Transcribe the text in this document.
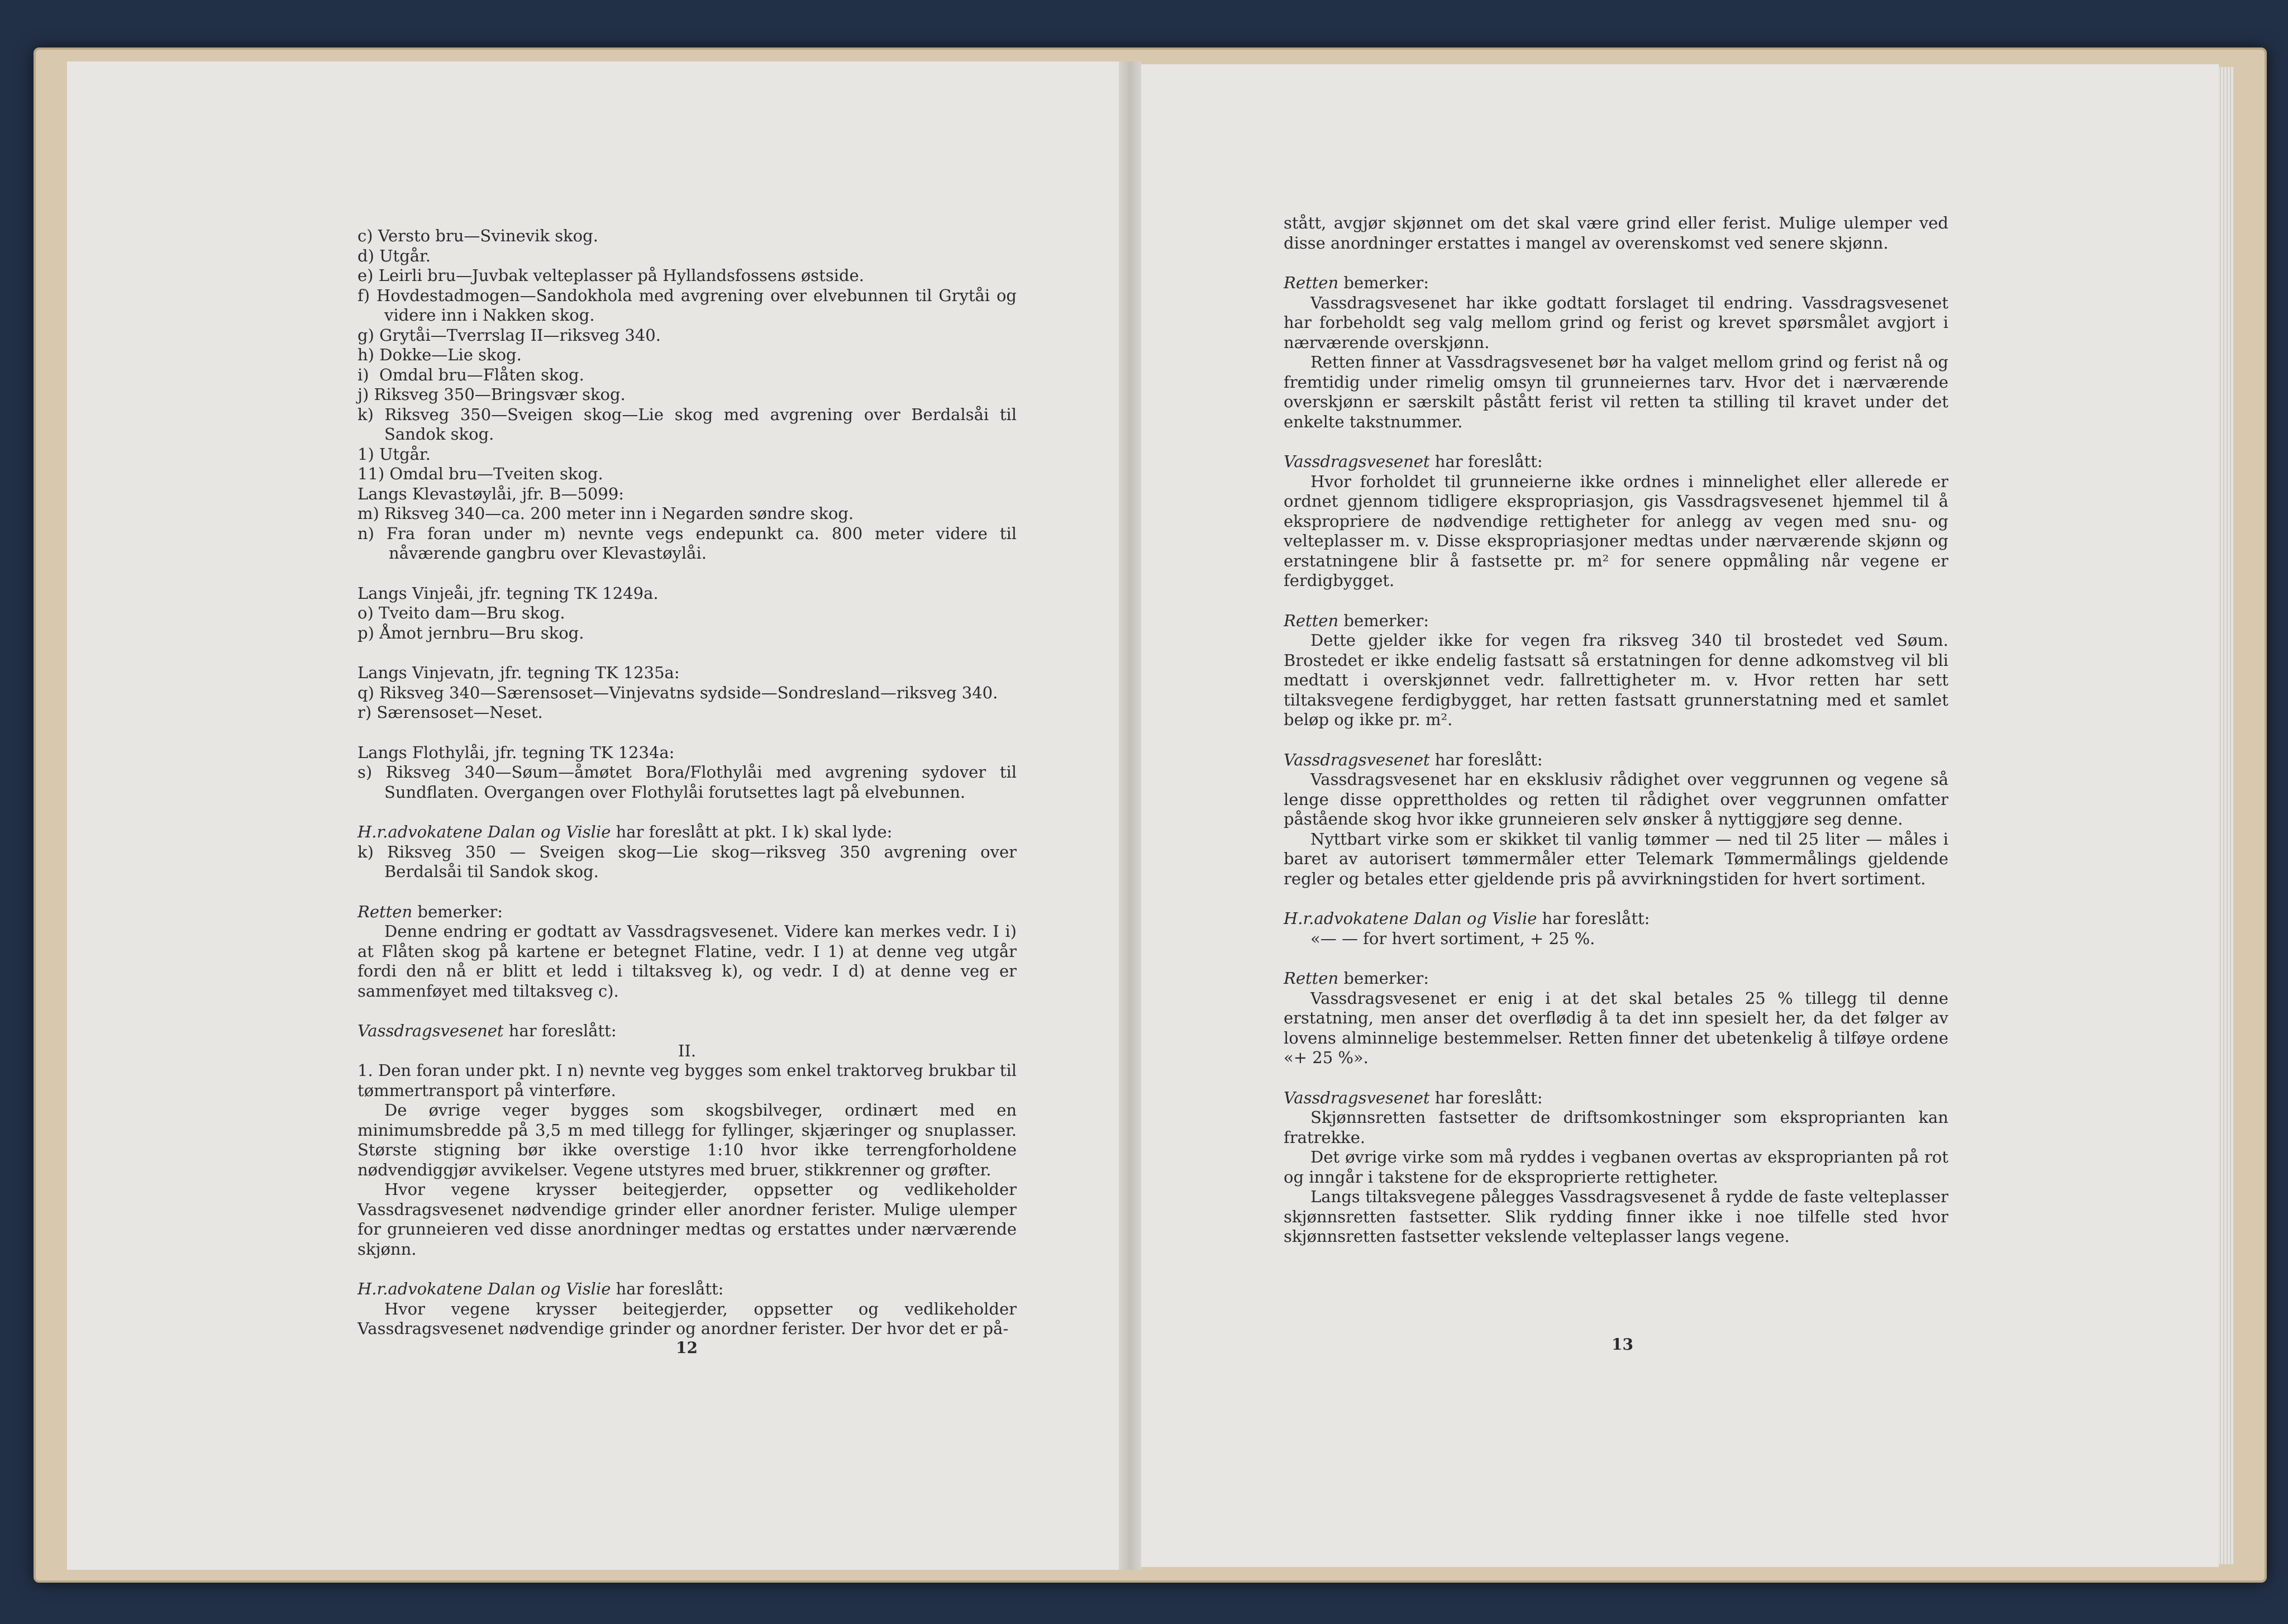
c) Versto bru—Svinevik skog.
d) Utgår.
e) Leirli bru—Juvbak velteplasser på Hyllandsfossens østside.
f) Hovdestadmogen—Sandokhola med avgrening over elvebunnen til Grytåi og videre inn i Nakken skog.
g) Grytåi—Tverrslag II—riksveg 340.
h) Dokke—Lie skog.
i)  Omdal bru—Flåten skog.
j) Riksveg 350—Bringsvær skog.
k) Riksveg 350—Sveigen skog—Lie skog med avgrening over Berdalsåi til Sandok skog.
1) Utgår.
11) Omdal bru—Tveiten skog.
Langs Klevastøylåi, jfr. B—5099:
m) Riksveg 340—ca. 200 meter inn i Negarden søndre skog.
n) Fra foran under m) nevnte vegs endepunkt ca. 800 meter videre til nåværende gangbru over Klevastøylåi.
Langs Vinjeåi, jfr. tegning TK 1249a.
o) Tveito dam—Bru skog.
p) Åmot jernbru—Bru skog.
Langs Vinjevatn, jfr. tegning TK 1235a:
q) Riksveg 340—Særensoset—Vinjevatns sydside—Sondresland—riksveg 340.
r) Særensoset—Neset.
Langs Flothylåi, jfr. tegning TK 1234a:
s) Riksveg 340—Søum—åmøtet Bora/Flothylåi med avgrening sydover til Sundflaten. Overgangen over Flothylåi forutsettes lagt på elvebunnen.
H.r.advokatene Dalan og Vislie har foreslått at pkt. I k) skal lyde:
k) Riksveg 350 — Sveigen skog—Lie skog—riksveg 350 avgrening over Berdalsåi til Sandok skog.
Retten bemerker:
Denne endring er godtatt av Vassdragsvesenet. Videre kan merkes vedr. I i) at Flåten skog på kartene er betegnet Flatine, vedr. I 1) at denne veg utgår fordi den nå er blitt et ledd i tiltaksveg k), og vedr. I d) at denne veg er sammenføyet med tiltaksveg c).
Vassdragsvesenet har foreslått:
II.
1. Den foran under pkt. I n) nevnte veg bygges som enkel traktorveg brukbar til tømmertransport på vinterføre.
De øvrige veger bygges som skogsbilveger, ordinært med en minimumsbredde på 3,5 m med tillegg for fyllinger, skjæringer og snuplasser. Største stigning bør ikke overstige 1:10 hvor ikke terrengforholdene nødvendiggjør avvikelser. Vegene utstyres med bruer, stikkrenner og grøfter.
Hvor vegene krysser beitegjerder, oppsetter og vedlikeholder Vassdragsvesenet nødvendige grinder eller anordner ferister. Mulige ulemper for grunneieren ved disse anordninger medtas og erstattes under nærværende skjønn.
H.r.advokatene Dalan og Vislie har foreslått:
Hvor vegene krysser beitegjerder, oppsetter og vedlikeholder Vassdragsvesenet nødvendige grinder og anordner ferister. Der hvor det er på-
12
stått, avgjør skjønnet om det skal være grind eller ferist. Mulige ulemper ved disse anordninger erstattes i mangel av overenskomst ved senere skjønn.
Retten bemerker:
Vassdragsvesenet har ikke godtatt forslaget til endring. Vassdragsvesenet har forbeholdt seg valg mellom grind og ferist og krevet spørsmålet avgjort i nærværende overskjønn.
Retten finner at Vassdragsvesenet bør ha valget mellom grind og ferist nå og fremtidig under rimelig omsyn til grunneiernes tarv. Hvor det i nærværende overskjønn er særskilt påstått ferist vil retten ta stilling til kravet under det enkelte takstnummer.
Vassdragsvesenet har foreslått:
Hvor forholdet til grunneierne ikke ordnes i minnelighet eller allerede er ordnet gjennom tidligere ekspropriasjon, gis Vassdragsvesenet hjemmel til å ekspropriere de nødvendige rettigheter for anlegg av vegen med snu- og velteplasser m. v. Disse ekspropriasjoner medtas under nærværende skjønn og erstatningene blir å fastsette pr. m² for senere oppmåling når vegene er ferdigbygget.
Retten bemerker:
Dette gjelder ikke for vegen fra riksveg 340 til brostedet ved Søum. Brostedet er ikke endelig fastsatt så erstatningen for denne adkomstveg vil bli medtatt i overskjønnet vedr. fallrettigheter m. v. Hvor retten har sett tiltaksvegene ferdigbygget, har retten fastsatt grunnerstatning med et samlet beløp og ikke pr. m².
Vassdragsvesenet har foreslått:
Vassdragsvesenet har en eksklusiv rådighet over veggrunnen og vegene så lenge disse opprettholdes og retten til rådighet over veggrunnen omfatter påstående skog hvor ikke grunneieren selv ønsker å nyttiggjøre seg denne.
Nyttbart virke som er skikket til vanlig tømmer — ned til 25 liter — måles i baret av autorisert tømmermåler etter Telemark Tømmermålings gjeldende regler og betales etter gjeldende pris på avvirkningstiden for hvert sortiment.
H.r.advokatene Dalan og Vislie har foreslått:
«— — for hvert sortiment, + 25 %.
Retten bemerker:
Vassdragsvesenet er enig i at det skal betales 25 % tillegg til denne erstatning, men anser det overflødig å ta det inn spesielt her, da det følger av lovens alminnelige bestemmelser. Retten finner det ubetenkelig å tilføye ordene «+ 25 %».
Vassdragsvesenet har foreslått:
Skjønnsretten fastsetter de driftsomkostninger som eksproprianten kan fratrekke.
Det øvrige virke som må ryddes i vegbanen overtas av eksproprianten på rot og inngår i takstene for de eksproprierte rettigheter.
Langs tiltaksvegene pålegges Vassdragsvesenet å rydde de faste velteplasser skjønnsretten fastsetter. Slik rydding finner ikke i noe tilfelle sted hvor skjønnsretten fastsetter vekslende velteplasser langs vegene.
13
